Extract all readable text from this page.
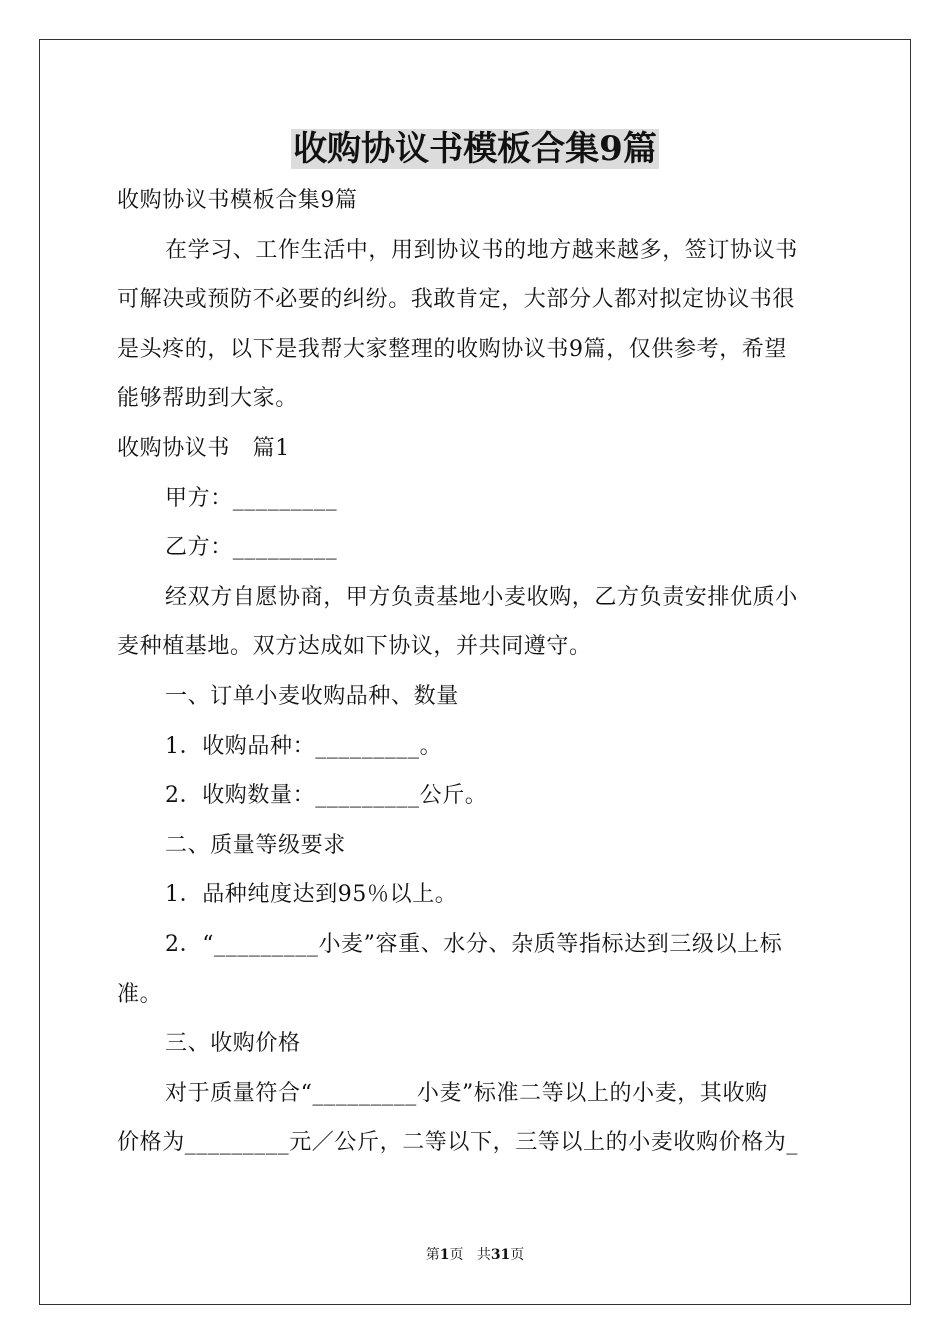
收购协议书模板合集9篇

收购协议书模板合集9篇

在学习、工作生活中，用到协议书的地方越来越多，签订协议书

可解决或预防不必要的纠纷。我敢肯定，大部分人都对拟定协议书很

是头疼的，以下是我帮大家整理的收购协议书9篇，仅供参考，希望

能够帮助到大家。

收购协议书　篇1

甲方：_________

乙方：_________

经双方自愿协商，甲方负责基地小麦收购，乙方负责安排优质小

麦种植基地。双方达成如下协议，并共同遵守。

一、订单小麦收购品种、数量

1．收购品种：_________。

2．收购数量：_________公斤。

二、质量等级要求

1．品种纯度达到95％以上。

2．“_________小麦”容重、水分、杂质等指标达到三级以上标

准。

三、收购价格

对于质量符合“_________小麦”标准二等以上的小麦，其收购

价格为_________元／公斤，二等以下，三等以上的小麦收购价格为_

第1页 共31页
